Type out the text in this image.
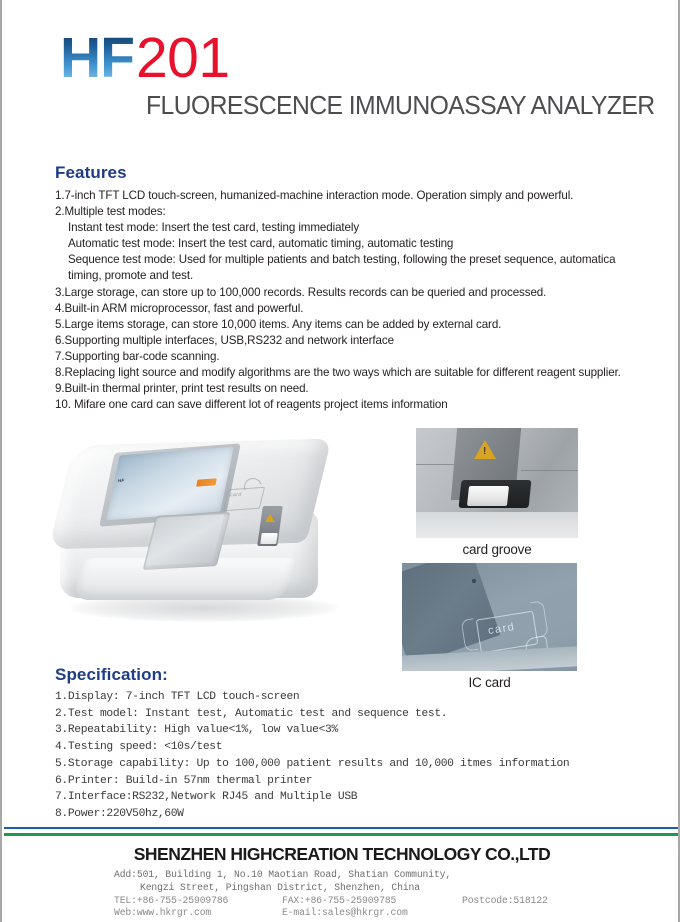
HF 201
FLUORESCENCE IMMUNOASSAY ANALYZER
Features
1.7-inch TFT LCD touch-screen, humanized-machine interaction mode. Operation simply and powerful.
2.Multiple test modes:
Instant test mode: Insert the test card, testing immediately
Automatic test mode: Insert the test card, automatic timing, automatic testing
Sequence test mode: Used for multiple patients and batch testing, following the preset sequence, automatica
timing, promote and test.
3.Large storage, can store up to 100,000 records. Results records can be queried and processed.
4.Built-in ARM microprocessor, fast and powerful.
5.Large items storage, can store 10,000 items. Any items can be added by external card.
6.Supporting multiple interfaces, USB,RS232 and network interface
7.Supporting bar-code scanning.
8.Replacing light source and modify algorithms are the two ways which are suitable for different reagent supplier.
9.Built-in thermal printer, print test results on need.
10. Mifare one card can save different lot of reagents project items information
HF
card
!
card groove
card
IC card
Specification:
1.Display: 7-inch TFT LCD touch-screen
2.Test model: Instant test, Automatic test and sequence test.
3.Repeatability: High value<1%, low value<3%
4.Testing speed: <10s/test
5.Storage capability: Up to 100,000 patient results and 10,000 itmes information
6.Printer: Build-in 57nm thermal printer
7.Interface:RS232,Network RJ45 and Multiple USB
8.Power:220V50hz,60W
SHENZHEN HIGHCREATION TECHNOLOGY CO.,LTD
Add:501, Building 1, No.10 Maotian Road, Shatian Community,
Kengzi Street, Pingshan District, Shenzhen, China
TEL:+86-755-25909786	FAX:+86-755-25909785	Postcode:518122
Web:www.hkrgr.com	E-mail:sales@hkrgr.com
